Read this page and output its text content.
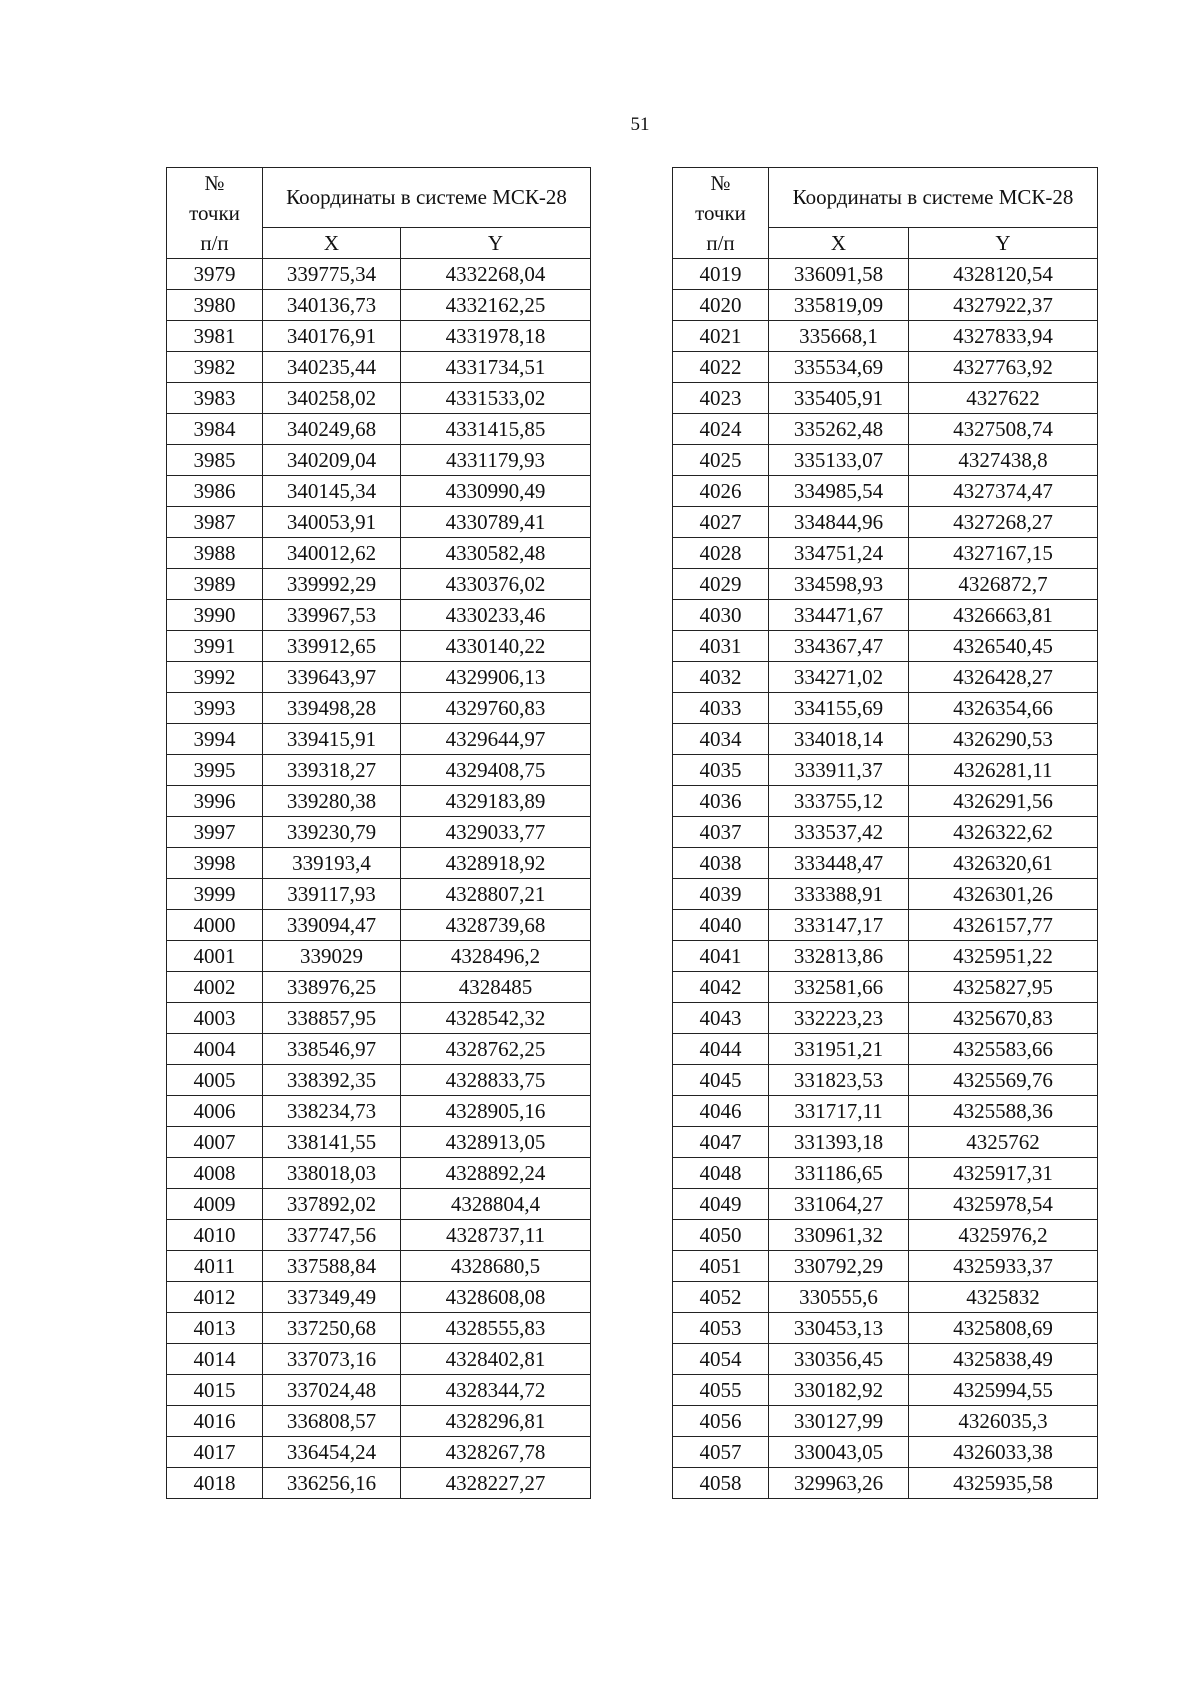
51
№
точки
п/п	Координаты в системе МСК-28	
	X	Y
3979	339775,34	4332268,04
3980	340136,73	4332162,25
3981	340176,91	4331978,18
3982	340235,44	4331734,51
3983	340258,02	4331533,02
3984	340249,68	4331415,85
3985	340209,04	4331179,93
3986	340145,34	4330990,49
3987	340053,91	4330789,41
3988	340012,62	4330582,48
3989	339992,29	4330376,02
3990	339967,53	4330233,46
3991	339912,65	4330140,22
3992	339643,97	4329906,13
3993	339498,28	4329760,83
3994	339415,91	4329644,97
3995	339318,27	4329408,75
3996	339280,38	4329183,89
3997	339230,79	4329033,77
3998	339193,4	4328918,92
3999	339117,93	4328807,21
4000	339094,47	4328739,68
4001	339029	4328496,2
4002	338976,25	4328485
4003	338857,95	4328542,32
4004	338546,97	4328762,25
4005	338392,35	4328833,75
4006	338234,73	4328905,16
4007	338141,55	4328913,05
4008	338018,03	4328892,24
4009	337892,02	4328804,4
4010	337747,56	4328737,11
4011	337588,84	4328680,5
4012	337349,49	4328608,08
4013	337250,68	4328555,83
4014	337073,16	4328402,81
4015	337024,48	4328344,72
4016	336808,57	4328296,81
4017	336454,24	4328267,78
4018	336256,16	4328227,27
№
точки
п/п	Координаты в системе МСК-28	
	X	Y
4019	336091,58	4328120,54
4020	335819,09	4327922,37
4021	335668,1	4327833,94
4022	335534,69	4327763,92
4023	335405,91	4327622
4024	335262,48	4327508,74
4025	335133,07	4327438,8
4026	334985,54	4327374,47
4027	334844,96	4327268,27
4028	334751,24	4327167,15
4029	334598,93	4326872,7
4030	334471,67	4326663,81
4031	334367,47	4326540,45
4032	334271,02	4326428,27
4033	334155,69	4326354,66
4034	334018,14	4326290,53
4035	333911,37	4326281,11
4036	333755,12	4326291,56
4037	333537,42	4326322,62
4038	333448,47	4326320,61
4039	333388,91	4326301,26
4040	333147,17	4326157,77
4041	332813,86	4325951,22
4042	332581,66	4325827,95
4043	332223,23	4325670,83
4044	331951,21	4325583,66
4045	331823,53	4325569,76
4046	331717,11	4325588,36
4047	331393,18	4325762
4048	331186,65	4325917,31
4049	331064,27	4325978,54
4050	330961,32	4325976,2
4051	330792,29	4325933,37
4052	330555,6	4325832
4053	330453,13	4325808,69
4054	330356,45	4325838,49
4055	330182,92	4325994,55
4056	330127,99	4326035,3
4057	330043,05	4326033,38
4058	329963,26	4325935,58
